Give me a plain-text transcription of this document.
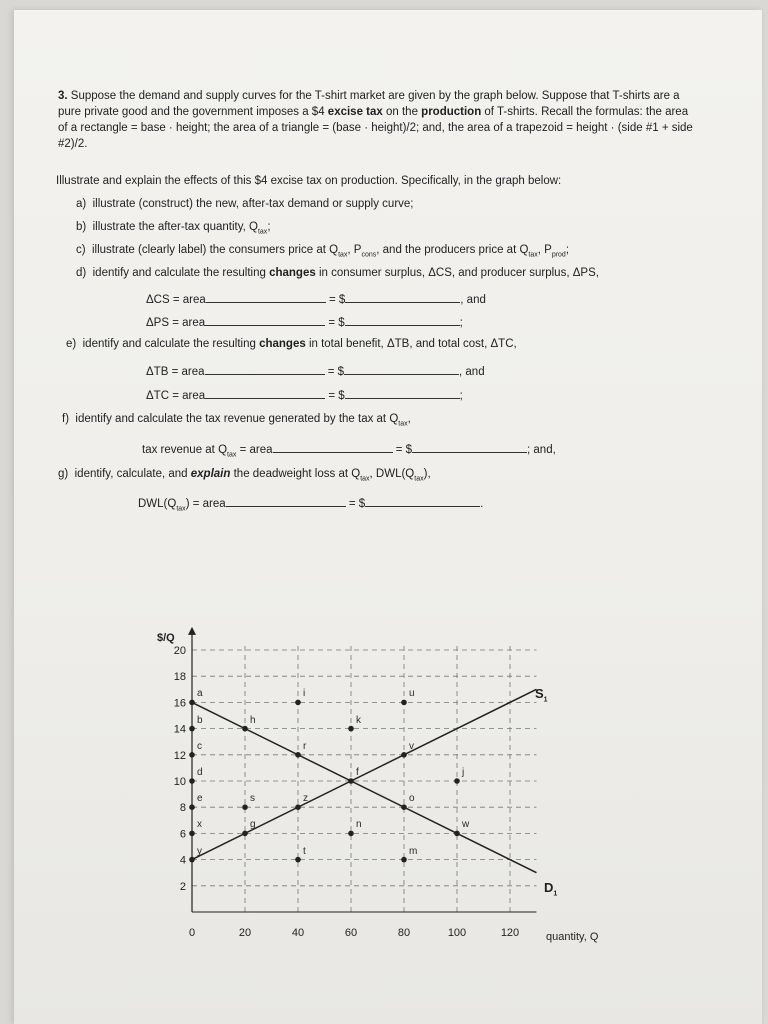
3. Suppose the demand and supply curves for the T-shirt market are given by the graph below. Suppose that T-shirts are a pure private good and the government imposes a $4 excise tax on the production of T-shirts. Recall the formulas: the area of a rectangle = base · height; the area of a triangle = (base · height)/2; and, the area of a trapezoid = height · (side #1 + side #2)/2.
Illustrate and explain the effects of this $4 excise tax on production. Specifically, in the graph below:
a) illustrate (construct) the new, after-tax demand or supply curve;
b) illustrate the after-tax quantity, $Q_{tax}$;
c) illustrate (clearly label) the consumers price at $Q_{tax}$, $P_{cons}$, and the producers price at $Q_{tax}$, $P_{prod}$;
d) identify and calculate the resulting changes in consumer surplus, ΔCS, and producer surplus, ΔPS,
ΔCS = area	= $	, and
ΔPS = area	= $	;
e) identify and calculate the resulting changes in total benefit, ΔTB, and total cost, ΔTC,
ΔTB = area	= $	, and
ΔTC = area	= $	;
f) identify and calculate the tax revenue generated by the tax at $Q_{tax}$,
tax revenue at $Q_{tax}$ = area	= $	; and,
g) identify, calculate, and explain the deadweight loss at $Q_{tax}$, $DWL(Q_{tax})$,
$DWL(Q_{tax})$ = area	= $	.
2
4
6
8
10
12
14
16
18
20
0	20	40	60	80	100	120
$/Q
quantity, Q
$S_1$
$D_1$
a
b
c
d
e
x
y
h
s
g
i
r
z
t
k
f
n
u
v
o
m
j
w
